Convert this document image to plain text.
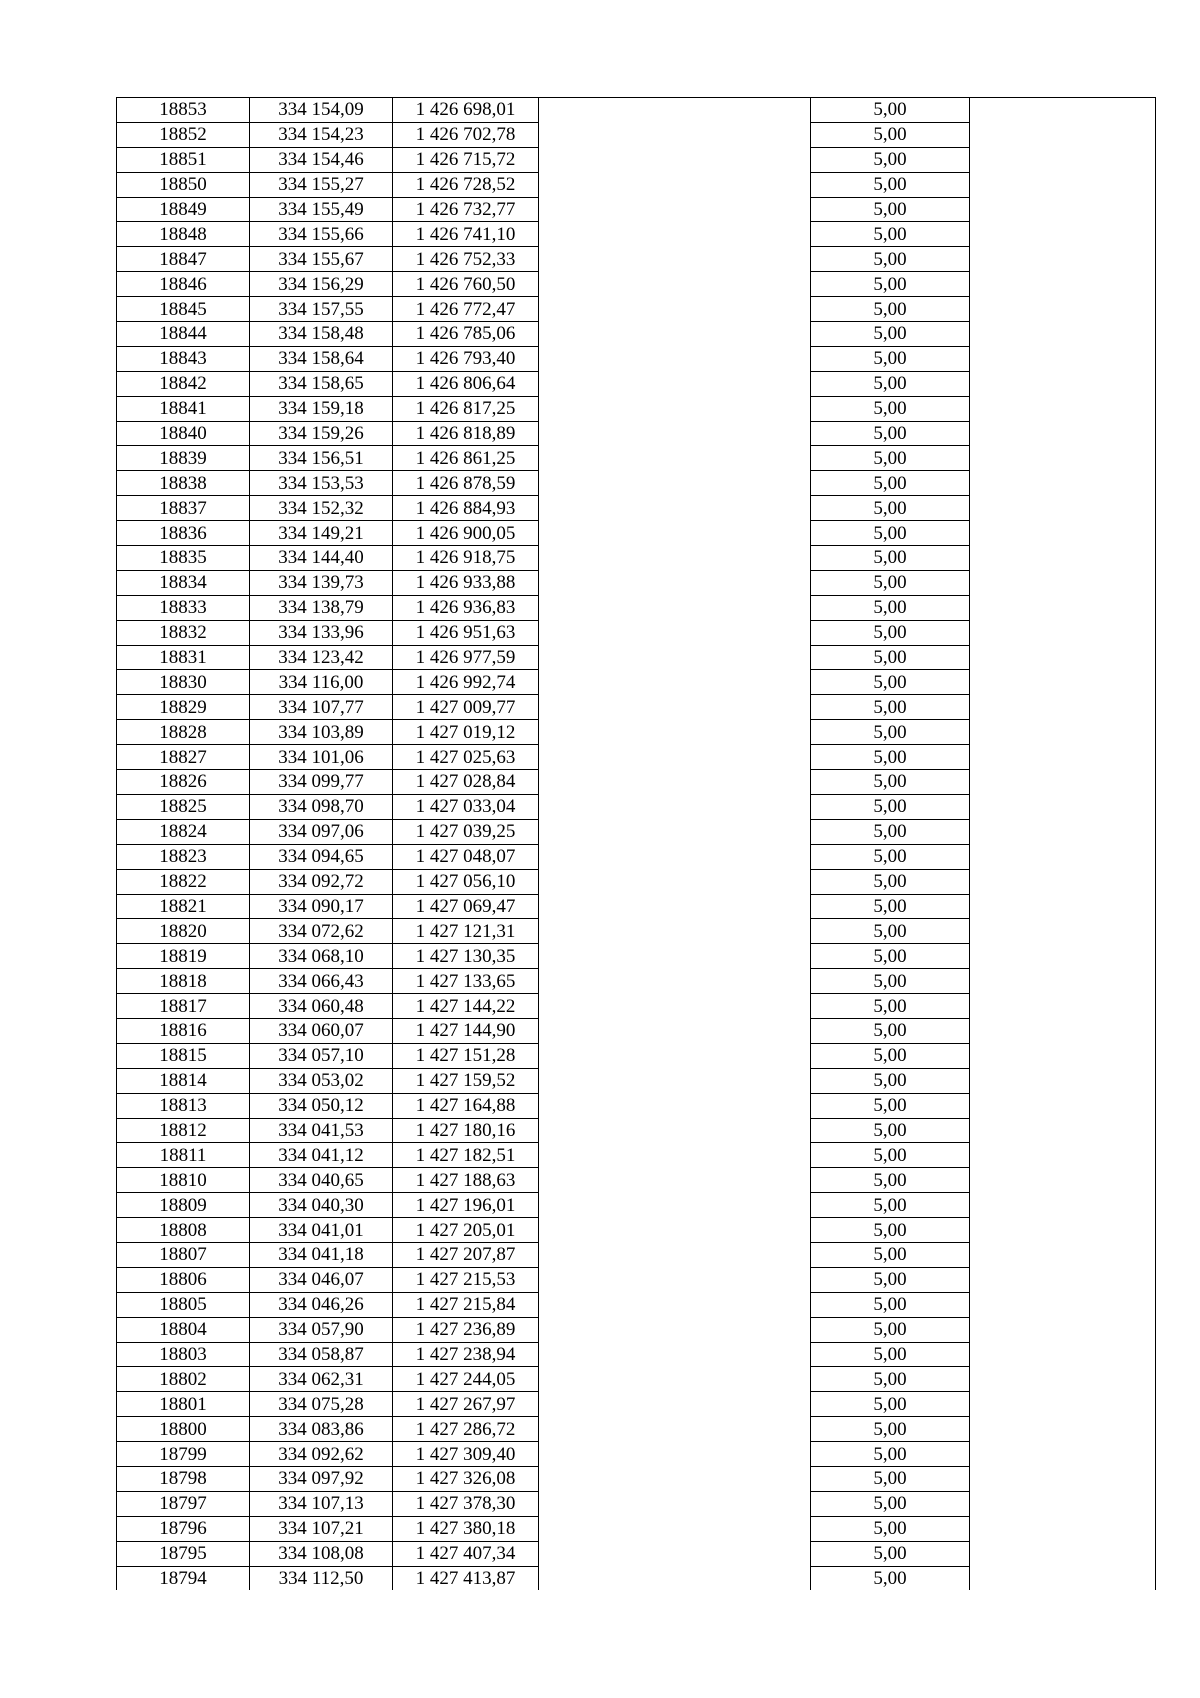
18853	334 154,09	1 426 698,01		5,00	
18852	334 154,23	1 426 702,78		5,00	
18851	334 154,46	1 426 715,72		5,00	
18850	334 155,27	1 426 728,52		5,00	
18849	334 155,49	1 426 732,77		5,00	
18848	334 155,66	1 426 741,10		5,00	
18847	334 155,67	1 426 752,33		5,00	
18846	334 156,29	1 426 760,50		5,00	
18845	334 157,55	1 426 772,47		5,00	
18844	334 158,48	1 426 785,06		5,00	
18843	334 158,64	1 426 793,40		5,00	
18842	334 158,65	1 426 806,64		5,00	
18841	334 159,18	1 426 817,25		5,00	
18840	334 159,26	1 426 818,89		5,00	
18839	334 156,51	1 426 861,25		5,00	
18838	334 153,53	1 426 878,59		5,00	
18837	334 152,32	1 426 884,93		5,00	
18836	334 149,21	1 426 900,05		5,00	
18835	334 144,40	1 426 918,75		5,00	
18834	334 139,73	1 426 933,88		5,00	
18833	334 138,79	1 426 936,83		5,00	
18832	334 133,96	1 426 951,63		5,00	
18831	334 123,42	1 426 977,59		5,00	
18830	334 116,00	1 426 992,74		5,00	
18829	334 107,77	1 427 009,77		5,00	
18828	334 103,89	1 427 019,12		5,00	
18827	334 101,06	1 427 025,63		5,00	
18826	334 099,77	1 427 028,84		5,00	
18825	334 098,70	1 427 033,04		5,00	
18824	334 097,06	1 427 039,25		5,00	
18823	334 094,65	1 427 048,07		5,00	
18822	334 092,72	1 427 056,10		5,00	
18821	334 090,17	1 427 069,47		5,00	
18820	334 072,62	1 427 121,31		5,00	
18819	334 068,10	1 427 130,35		5,00	
18818	334 066,43	1 427 133,65		5,00	
18817	334 060,48	1 427 144,22		5,00	
18816	334 060,07	1 427 144,90		5,00	
18815	334 057,10	1 427 151,28		5,00	
18814	334 053,02	1 427 159,52		5,00	
18813	334 050,12	1 427 164,88		5,00	
18812	334 041,53	1 427 180,16		5,00	
18811	334 041,12	1 427 182,51		5,00	
18810	334 040,65	1 427 188,63		5,00	
18809	334 040,30	1 427 196,01		5,00	
18808	334 041,01	1 427 205,01		5,00	
18807	334 041,18	1 427 207,87		5,00	
18806	334 046,07	1 427 215,53		5,00	
18805	334 046,26	1 427 215,84		5,00	
18804	334 057,90	1 427 236,89		5,00	
18803	334 058,87	1 427 238,94		5,00	
18802	334 062,31	1 427 244,05		5,00	
18801	334 075,28	1 427 267,97		5,00	
18800	334 083,86	1 427 286,72		5,00	
18799	334 092,62	1 427 309,40		5,00	
18798	334 097,92	1 427 326,08		5,00	
18797	334 107,13	1 427 378,30		5,00	
18796	334 107,21	1 427 380,18		5,00	
18795	334 108,08	1 427 407,34		5,00	
18794	334 112,50	1 427 413,87		5,00	
